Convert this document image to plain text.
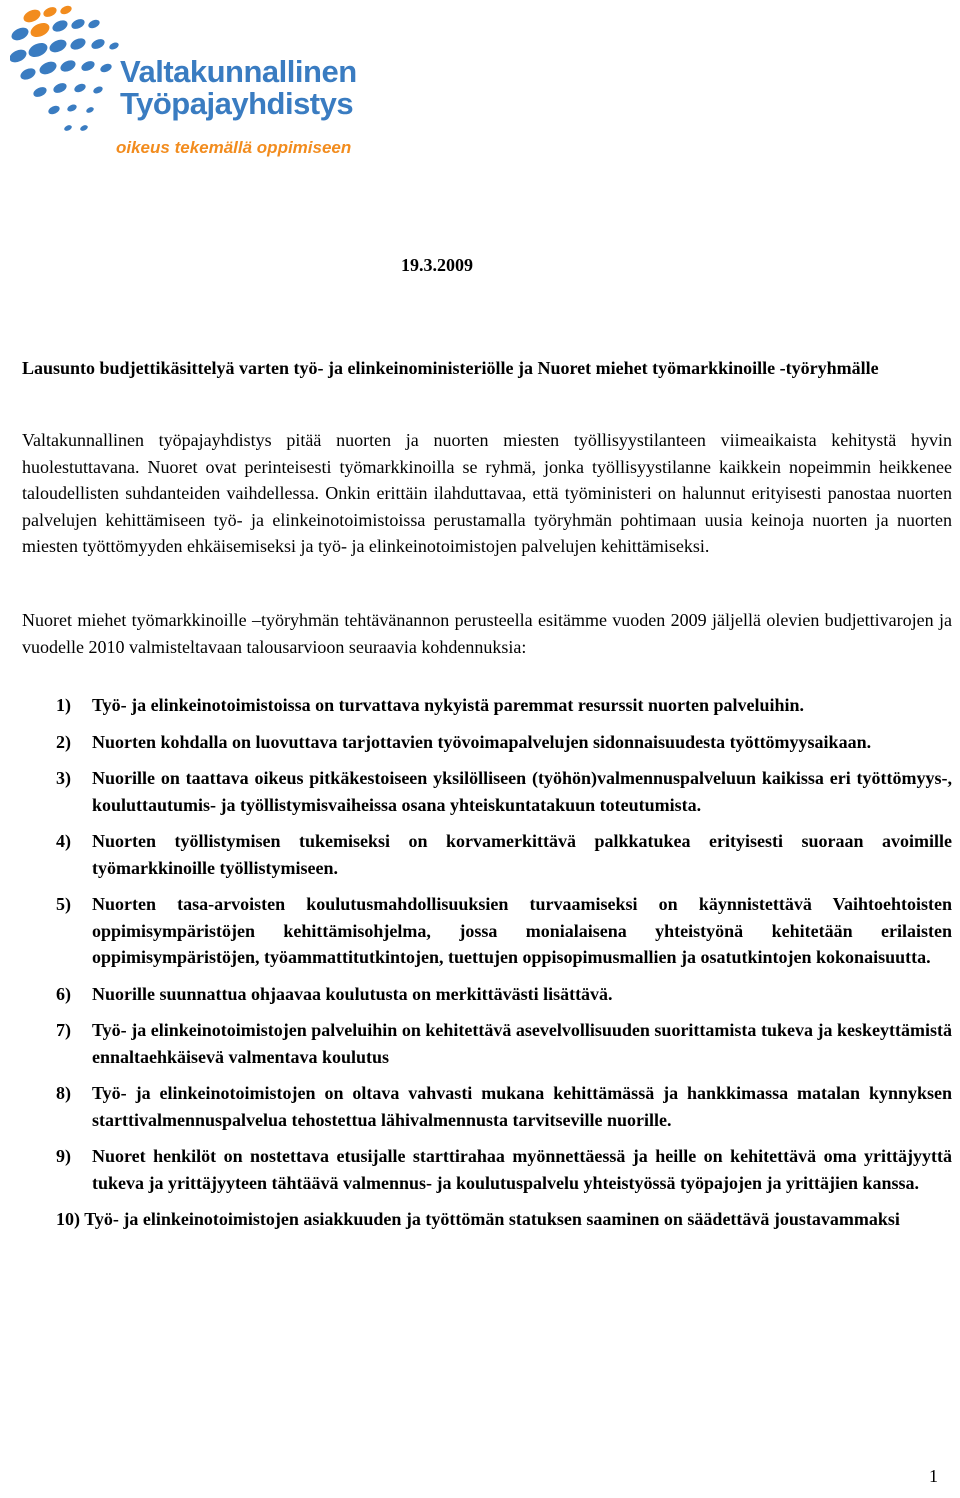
Valtakunnallinen
Työpajayhdistys
oikeus tekemällä oppimiseen
19.3.2009
Lausunto budjettikäsittelyä varten työ- ja elinkeinoministeriölle ja Nuoret miehet työmarkkinoille -työryhmälle
Valtakunnallinen työpajayhdistys pitää nuorten ja nuorten miesten työllisyystilanteen viimeaikaista kehitystä hyvin huolestuttavana. Nuoret ovat perinteisesti työmarkkinoilla se ryhmä, jonka työllisyystilanne kaikkein nopeimmin heikkenee taloudellisten suhdanteiden vaihdellessa. Onkin erittäin ilahduttavaa, että työministeri on halunnut erityisesti panostaa nuorten palvelujen kehittämiseen työ- ja elinkeinotoimistoissa perustamalla työryhmän pohtimaan uusia keinoja nuorten ja nuorten miesten työttömyyden ehkäisemiseksi ja työ- ja elinkeinotoimistojen palvelujen kehittämiseksi.
Nuoret miehet työmarkkinoille –työryhmän tehtävänannon perusteella esitämme vuoden 2009 jäljellä olevien budjettivarojen ja vuodelle 2010 valmisteltavaan talousarvioon seuraavia kohdennuksia:
1) Työ- ja elinkeinotoimistoissa on turvattava nykyistä paremmat resurssit nuorten palveluihin.
2) Nuorten kohdalla on luovuttava tarjottavien työvoimapalvelujen sidonnaisuudesta työttömyysaikaan.
3) Nuorille on taattava oikeus pitkäkestoiseen yksilölliseen (työhön)valmennuspalveluun kaikissa eri työttömyys-, kouluttautumis- ja työllistymisvaiheissa osana yhteiskuntatakuun toteutumista.
4) Nuorten työllistymisen tukemiseksi on korvamerkittävä palkkatukea erityisesti suoraan avoimille työmarkkinoille työllistymiseen.
5) Nuorten tasa-arvoisten koulutusmahdollisuuksien turvaamiseksi on käynnistettävä Vaihtoehtoisten oppimisympäristöjen kehittämisohjelma, jossa monialaisena yhteistyönä kehitetään erilaisten oppimisympäristöjen, työammattitutkintojen, tuettujen oppisopimusmallien ja osatutkintojen kokonaisuutta.
6) Nuorille suunnattua ohjaavaa koulutusta on merkittävästi lisättävä.
7) Työ- ja elinkeinotoimistojen palveluihin on kehitettävä asevelvollisuuden suorittamista tukeva ja keskeyttämistä ennaltaehkäisevä valmentava koulutus
8) Työ- ja elinkeinotoimistojen on oltava vahvasti mukana kehittämässä ja hankkimassa matalan kynnyksen starttivalmennuspalvelua tehostettua lähivalmennusta tarvitseville nuorille.
9) Nuoret henkilöt on nostettava etusijalle starttirahaa myönnettäessä ja heille on kehitettävä oma yrittäjyyttä tukeva ja yrittäjyyteen tähtäävä valmennus- ja koulutuspalvelu yhteistyössä työpajojen ja yrittäjien kanssa.
10) Työ- ja elinkeinotoimistojen asiakkuuden ja työttömän statuksen saaminen on säädettävä joustavammaksi
1
